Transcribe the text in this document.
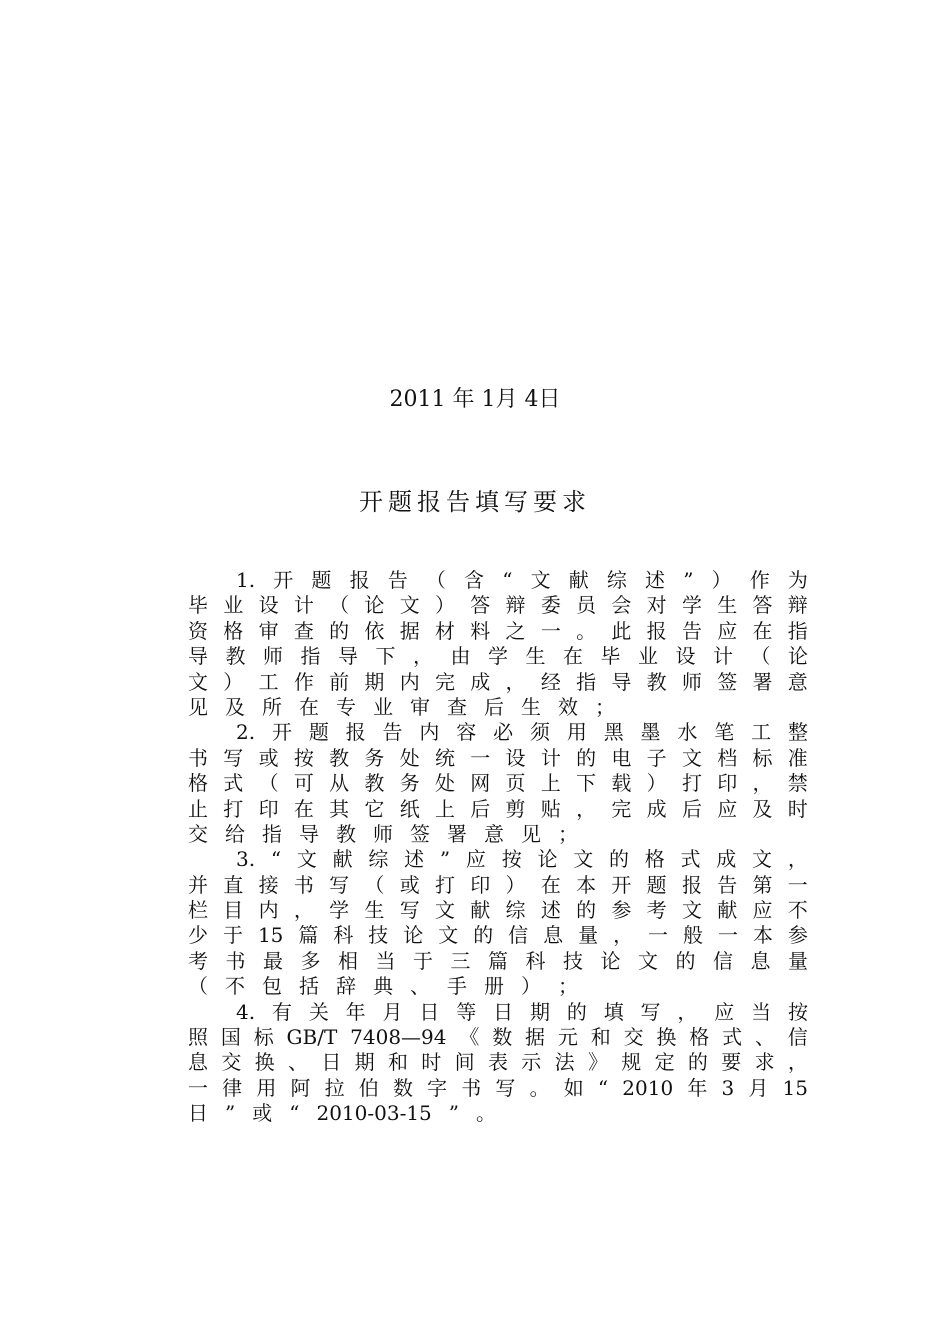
2011 年 1月 4日
开题报告填写要求
1. 开 题 报 告 （ 含 “ 文 献 综 述 ” ） 作 为
毕 业 设 计 （ 论 文 ） 答 辩 委 员 会 对 学 生 答 辩
资 格 审 查 的 依 据 材 料 之 一 。 此 报 告 应 在 指
导 教 师 指 导 下 ， 由 学 生 在 毕 业 设 计 （ 论
文 ） 工 作 前 期 内 完 成 ， 经 指 导 教 师 签 署 意
见 及 所 在 专 业 审 查 后 生 效 ；
2. 开 题 报 告 内 容 必 须 用 黑 墨 水 笔 工 整
书 写 或 按 教 务 处 统 一 设 计 的 电 子 文 档 标 准
格 式 （ 可 从 教 务 处 网 页 上 下 载 ） 打 印 ， 禁
止 打 印 在 其 它 纸 上 后 剪 贴 ， 完 成 后 应 及 时
交 给 指 导 教 师 签 署 意 见 ；
3. “ 文 献 综 述 ” 应 按 论 文 的 格 式 成 文 ，
并 直 接 书 写 （ 或 打 印 ） 在 本 开 题 报 告 第 一
栏 目 内 ， 学 生 写 文 献 综 述 的 参 考 文 献 应 不
少 于 15 篇 科 技 论 文 的 信 息 量 ， 一 般 一 本 参
考 书 最 多 相 当 于 三 篇 科 技 论 文 的 信 息 量
（ 不 包 括 辞 典 、 手 册 ） ；
4. 有 关 年 月 日 等 日 期 的 填 写 ， 应 当 按
照 国 标 GB/T 7408—94 《 数 据 元 和 交 换 格 式 、 信
息 交 换 、 日 期 和 时 间 表 示 法 》 规 定 的 要 求 ，
一 律 用 阿 拉 伯 数 字 书 写 。 如 “ 2010 年 3 月 15
日 ” 或 “ 2010-03-15 ” 。
